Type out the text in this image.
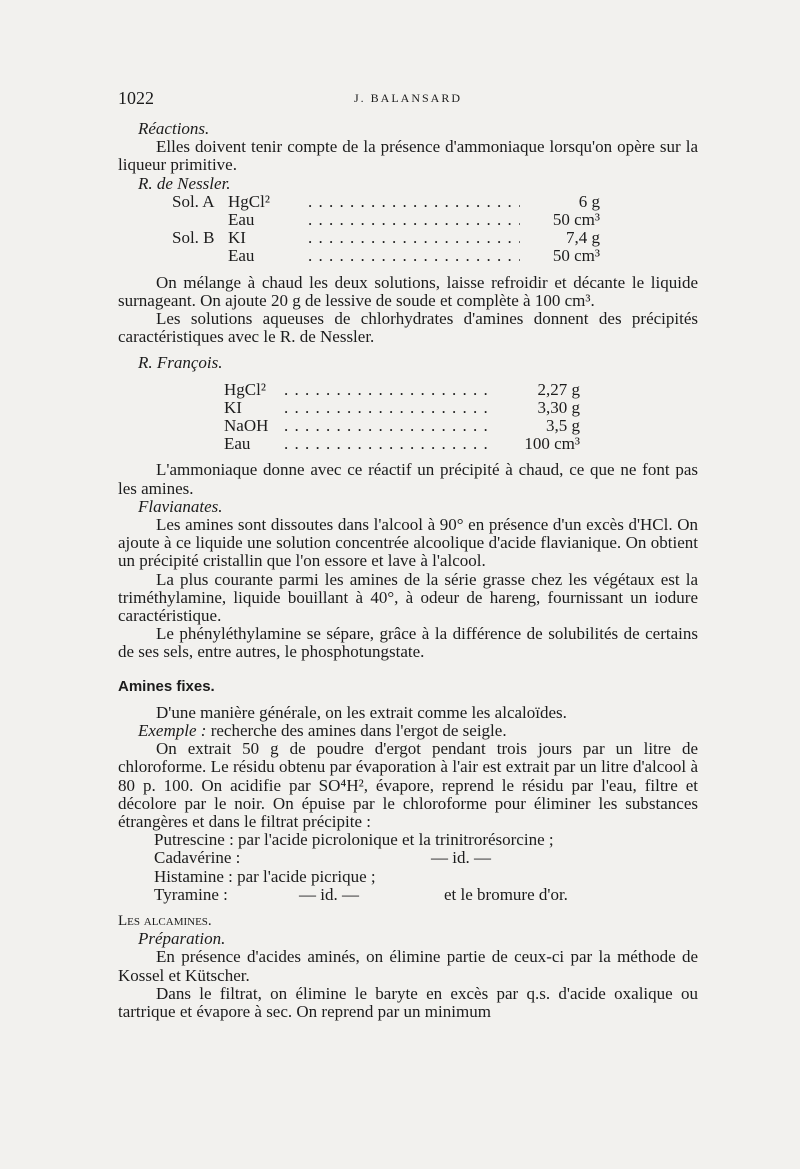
1022	J. BALANSARD

Réactions.

Elles doivent tenir compte de la présence d'ammoniaque lorsqu'on opère sur la liqueur primitive.

R. de Nessler.

Sol. A HgCl² . . .	6 g
Eau . . .	50 cm³
Sol. B KI . . .	7,4 g
Eau . . .	50 cm³

On mélange à chaud les deux solutions, laisse refroidir et décante le liquide surnageant. On ajoute 20 g de lessive de soude et complète à 100 cm³.

Les solutions aqueuses de chlorhydrates d'amines donnent des précipités caractéristiques avec le R. de Nessler.

R. François.

HgCl² . . .	2,27 g
KI . . .	3,30 g
NaOH . . .	3,5 g
Eau . . .	100 cm³

L'ammoniaque donne avec ce réactif un précipité à chaud, ce que ne font pas les amines.

Flavianates.

Les amines sont dissoutes dans l'alcool à 90° en présence d'un excès d'HCl. On ajoute à ce liquide une solution concentrée alcoolique d'acide flavianique. On obtient un précipité cristallin que l'on essore et lave à l'alcool.

La plus courante parmi les amines de la série grasse chez les végétaux est la triméthylamine, liquide bouillant à 40°, à odeur de hareng, fournissant un iodure caractéristique.

Le phényléthylamine se sépare, grâce à la différence de solubilités de certains de ses sels, entre autres, le phosphotungstate.

Amines fixes.

D'une manière générale, on les extrait comme les alcaloïdes.

Exemple : recherche des amines dans l'ergot de seigle.

On extrait 50 g de poudre d'ergot pendant trois jours par un litre de chloroforme. Le résidu obtenu par évaporation à l'air est extrait par un litre d'alcool à 80 p. 100. On acidifie par SO⁴H², évapore, reprend le résidu par l'eau, filtre et décolore par le noir. On épuise par le chloroforme pour éliminer les substances étrangères et dans le filtrat précipite :

Putrescine : par l'acide picrolonique et la trinitrorésorcine ;
Cadavérine :	— id. —
Histamine : par l'acide picrique ;
Tyramine :	— id. —	et le bromure d'or.

Les alcamines.

Préparation.

En présence d'acides aminés, on élimine partie de ceux-ci par la méthode de Kossel et Kütscher.

Dans le filtrat, on élimine le baryte en excès par q.s. d'acide oxalique ou tartrique et évapore à sec. On reprend par un minimum
